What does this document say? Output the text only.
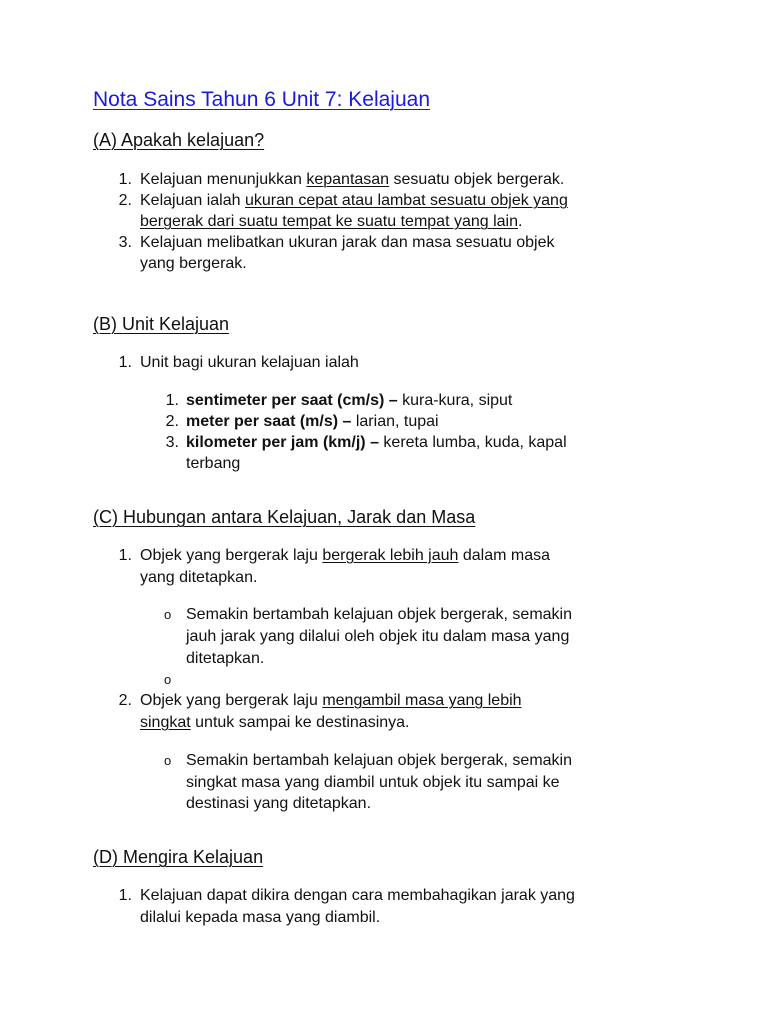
Nota Sains Tahun 6 Unit 7: Kelajuan
(A) Apakah kelajuan?
1. Kelajuan menunjukkan kepantasan sesuatu objek bergerak.
2. Kelajuan ialah ukuran cepat atau lambat sesuatu objek yang
bergerak dari suatu tempat ke suatu tempat yang lain.
3. Kelajuan melibatkan ukuran jarak dan masa sesuatu objek
yang bergerak.
(B) Unit Kelajuan
1. Unit bagi ukuran kelajuan ialah
1. sentimeter per saat (cm/s) – kura-kura, siput
2. meter per saat (m/s) – larian, tupai
3. kilometer per jam (km/j) – kereta lumba, kuda, kapal
terbang
(C) Hubungan antara Kelajuan, Jarak dan Masa
1. Objek yang bergerak laju bergerak lebih jauh dalam masa
yang ditetapkan.
o Semakin bertambah kelajuan objek bergerak, semakin
jauh jarak yang dilalui oleh objek itu dalam masa yang
ditetapkan.
o
2. Objek yang bergerak laju mengambil masa yang lebih
singkat untuk sampai ke destinasinya.
o Semakin bertambah kelajuan objek bergerak, semakin
singkat masa yang diambil untuk objek itu sampai ke
destinasi yang ditetapkan.
(D) Mengira Kelajuan
1. Kelajuan dapat dikira dengan cara membahagikan jarak yang
dilalui kepada masa yang diambil.
